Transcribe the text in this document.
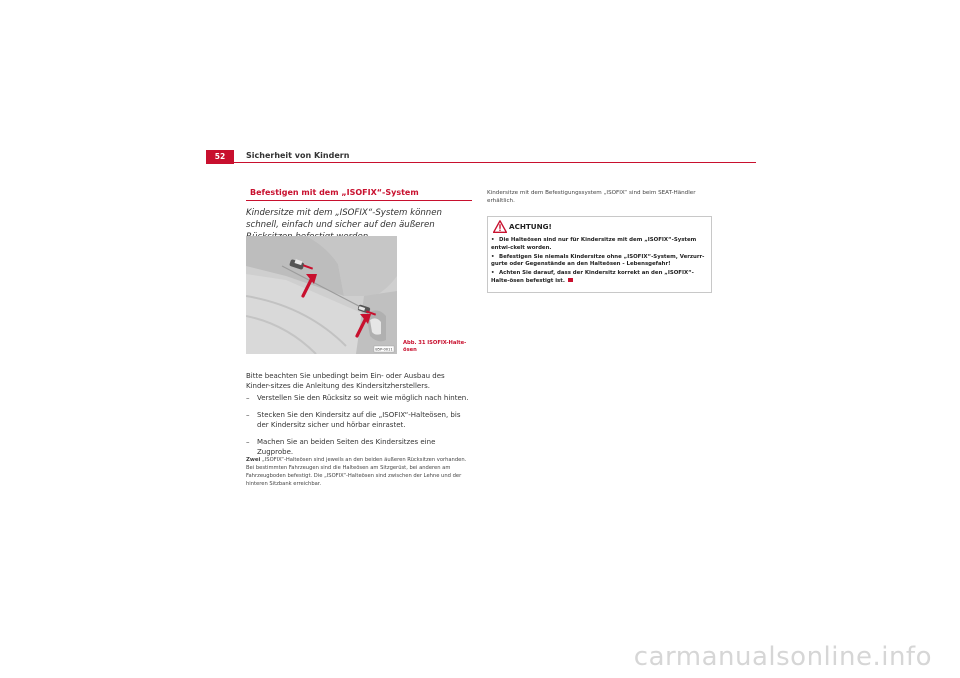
52	Sicherheit von Kindern
Befestigen mit dem „ISOFIX“-System
Kindersitze mit dem „ISOFIX“-System können schnell, einfach und sicher auf den äußeren
B5P-0011
Abb. 31 ISOFIX-Halte-ösen
Bitte beachten Sie unbedingt beim Ein- oder Ausbau des Kinder-sitzes die Anleitung des Kindersitzherstellers.
– Verstellen Sie den Rücksitz so weit wie möglich nach hinten.
– Stecken Sie den Kindersitz auf die „ISOFIX“-Halteösen, bis der Kindersitz sicher und hörbar einrastet.
– Machen Sie an beiden Seiten des Kindersitzes eine Zugprobe.
Zwei „ISOFIX“-Halteösen sind jeweils an den beiden äußeren Rücksitzen vorhanden. Bei bestimmten Fahrzeugen sind die Halteösen am Sitzgerüst, bei anderen am Fahrzeugboden befestigt. Die „ISOFIX“-Halteösen sind zwischen der Lehne und der hinteren Sitzbank erreichbar.
Kindersitze mit dem Befestigungssystem „ISOFIX“ sind beim SEAT-Händler erhältlich.
ACHTUNG!
• Die Halteösen sind nur für Kindersitze mit dem „ISOFIX“-System entwi-ckelt worden.
• Befestigen Sie niemals Kindersitze ohne „ISOFIX“-System, Verzurr-gurte oder Gegenstände an den Halteösen - Lebensgefahr!
• Achten Sie darauf, dass der Kindersitz korrekt an den „ISOFIX“-Halte-ösen befestigt ist.
carmanualsonline.info
